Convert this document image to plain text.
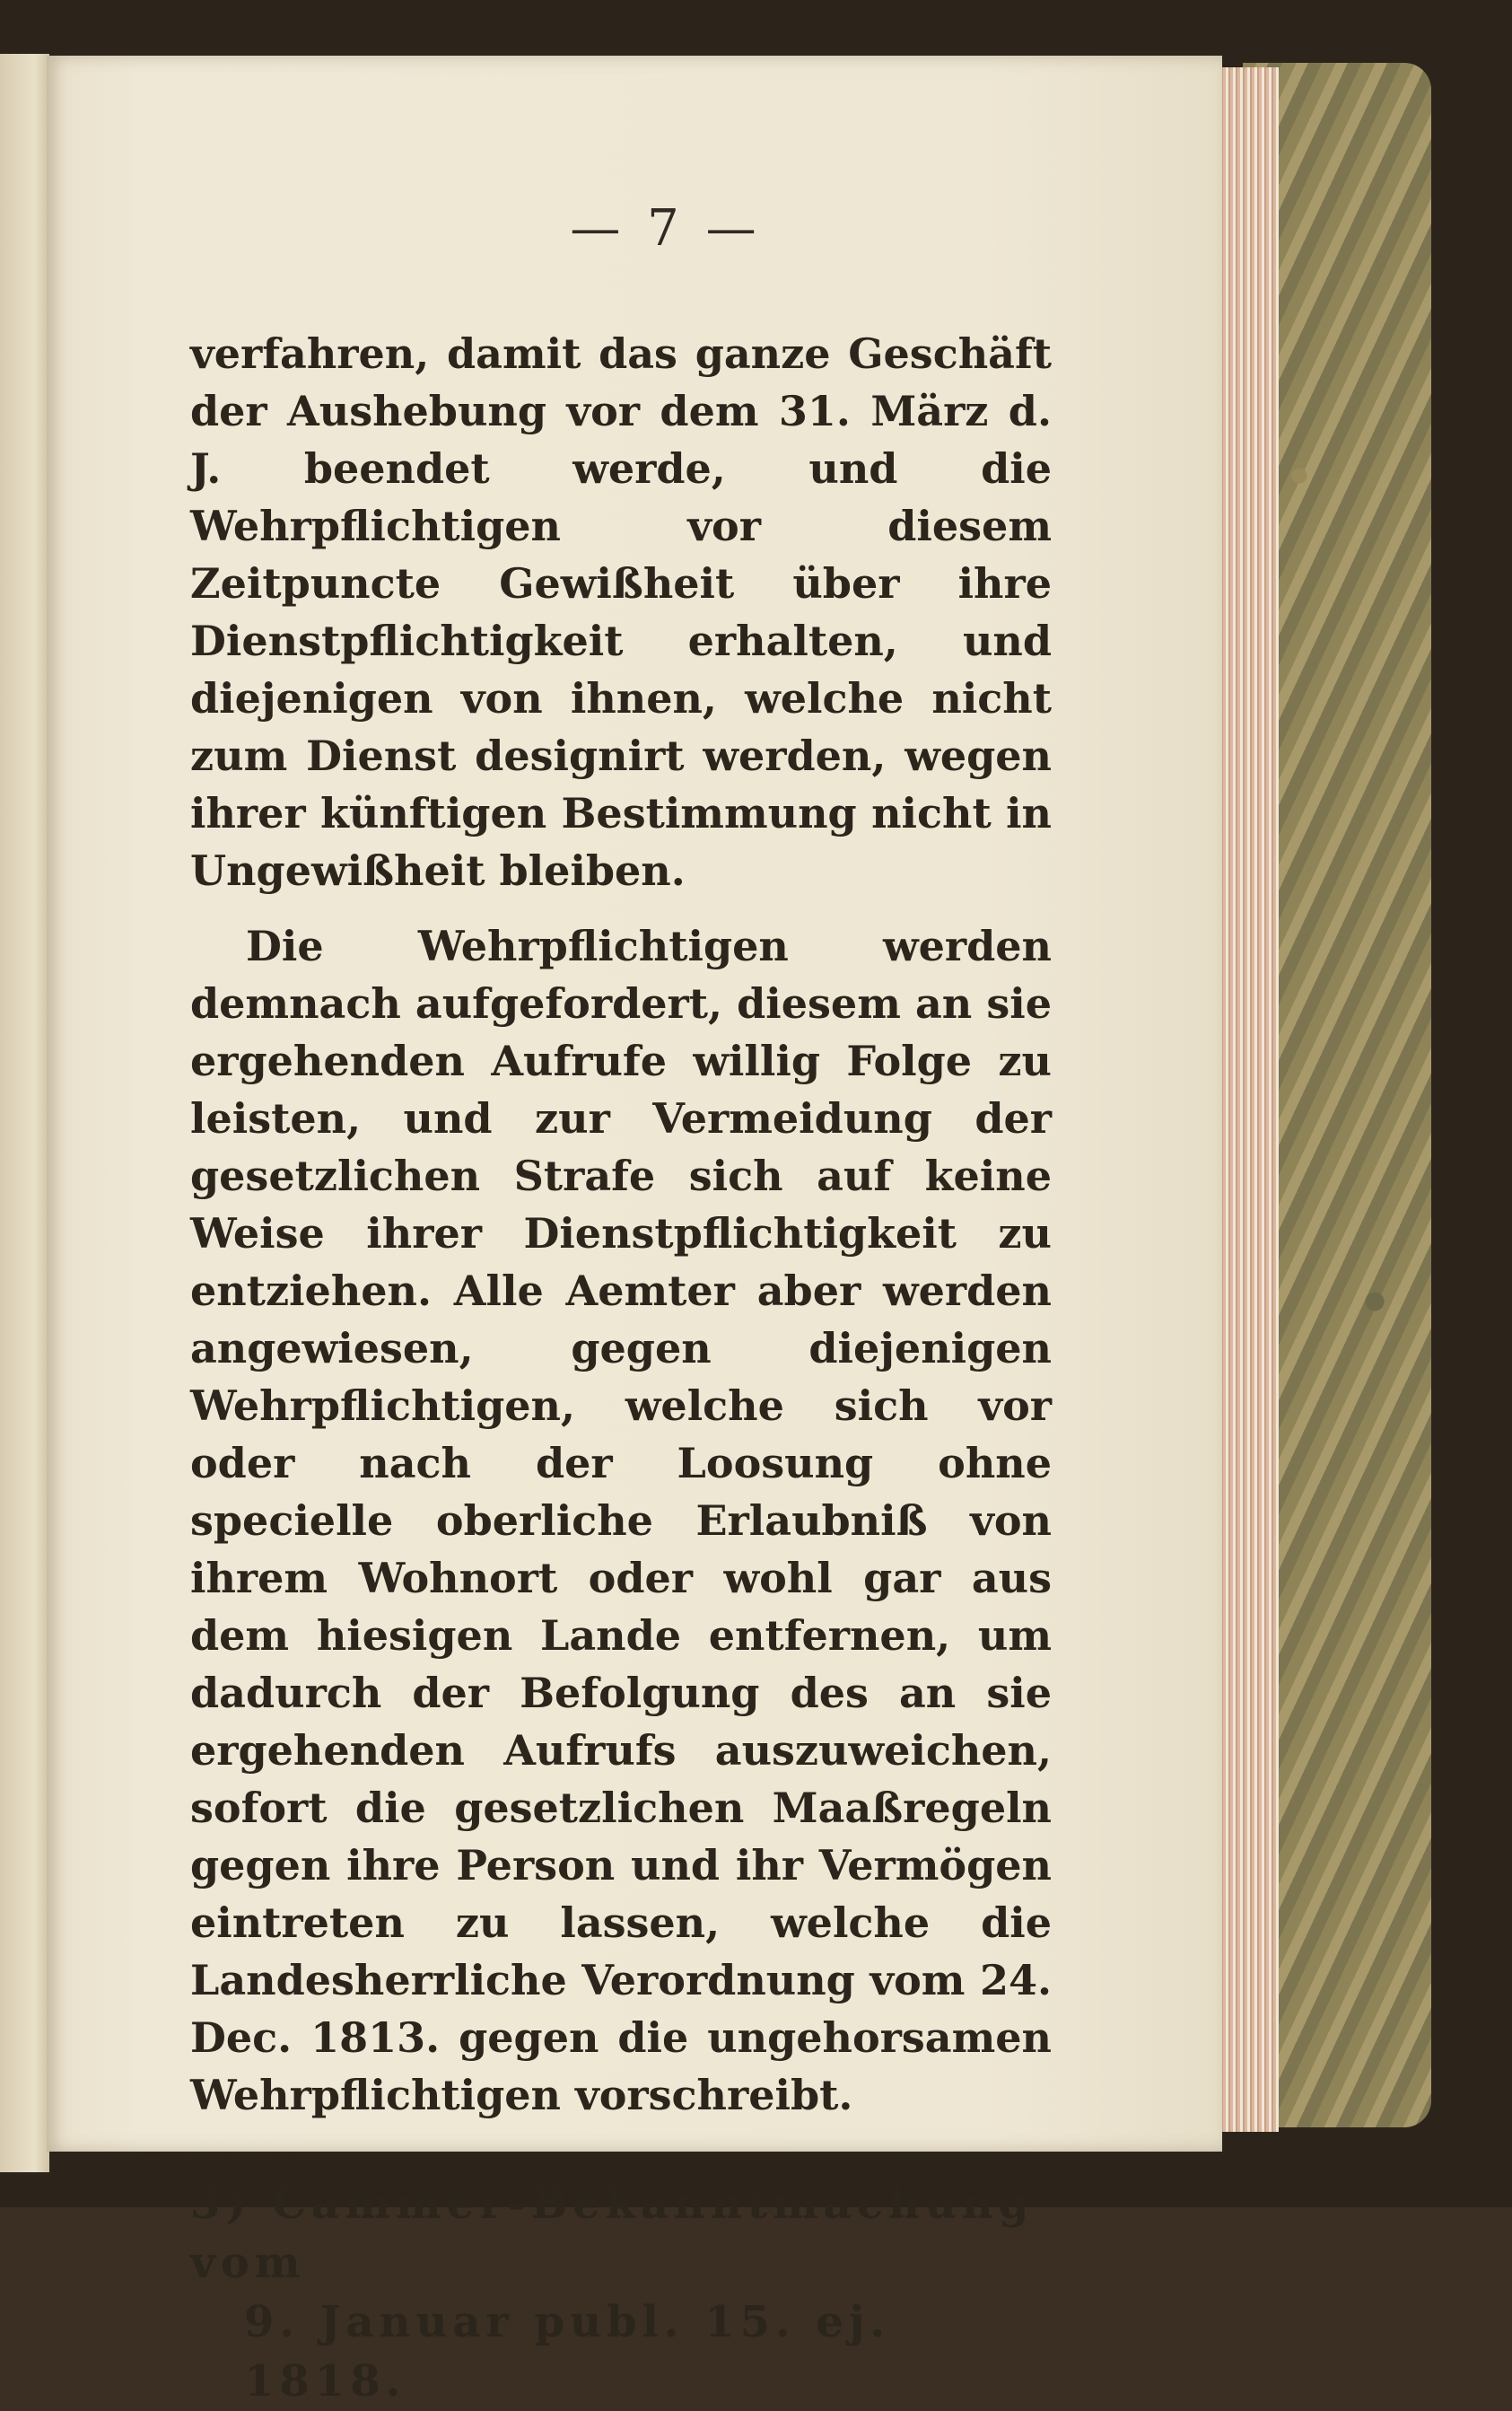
— 7 —

verfahren, damit das ganze Geschäft der Aushebung vor dem 31. März d. J. beendet werde, und die Wehrpflichtigen vor diesem Zeitpuncte Gewißheit über ihre Dienstpflichtigkeit erhalten, und diejenigen von ihnen, welche nicht zum Dienst designirt werden, wegen ihrer künftigen Bestimmung nicht in Ungewißheit bleiben.

Die Wehrpflichtigen werden demnach aufgefordert, diesem an sie ergehenden Aufrufe willig Folge zu leisten, und zur Vermeidung der gesetzlichen Strafe sich auf keine Weise ihrer Dienstpflichtigkeit zu entziehen. Alle Aemter aber werden angewiesen, gegen diejenigen Wehrpflichtigen, welche sich vor oder nach der Loosung ohne specielle oberliche Erlaubniß von ihrem Wohnort oder wohl gar aus dem hiesigen Lande entfernen, um dadurch der Befolgung des an sie ergehenden Aufrufs auszuweichen, sofort die gesetzlichen Maaßregeln gegen ihre Person und ihr Vermögen eintreten zu lassen, welche die Landesherrliche Verordnung vom 24. Dec. 1813. gegen die ungehorsamen Wehrpflichtigen vorschreibt.

3) Cammer-Bekanntmachung vom
9. Januar publ. 15. ej. 1818.
